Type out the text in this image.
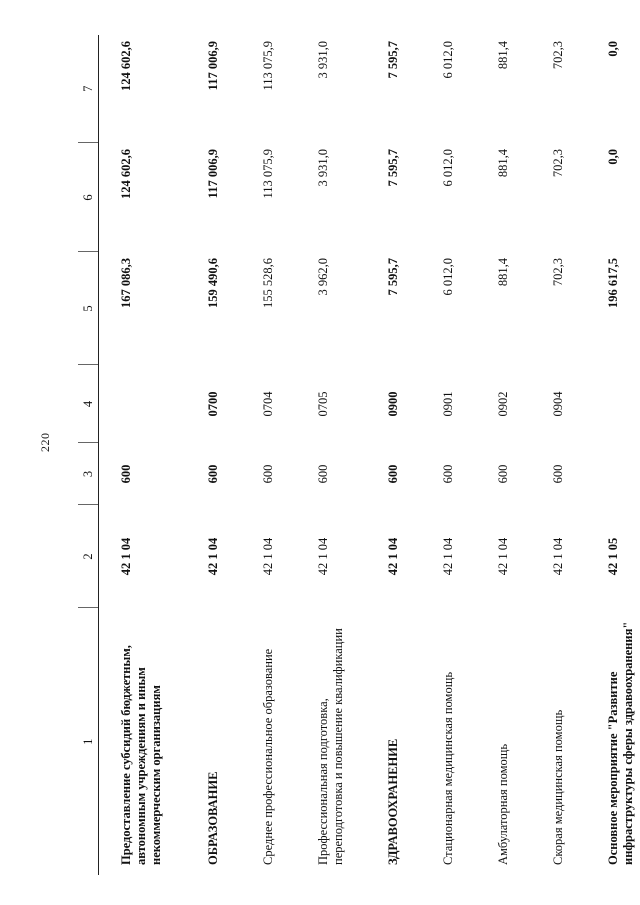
220
1	2	3	4	5	6	7
Предоставление субсидий бюджетным, автономным учреждениям и иным некоммерческим организациям	42 1 04	600		167 086,3	124 602,6	124 602,6
ОБРАЗОВАНИЕ	42 1 04	600	0700	159 490,6	117 006,9	117 006,9
Среднее профессиональное образование	42 1 04	600	0704	155 528,6	113 075,9	113 075,9
Профессиональная подготовка, переподготовка и повышение квалификации	42 1 04	600	0705	3 962,0	3 931,0	3 931,0
ЗДРАВООХРАНЕНИЕ	42 1 04	600	0900	7 595,7	7 595,7	7 595,7
Стационарная медицинская помощь	42 1 04	600	0901	6 012,0	6 012,0	6 012,0
Амбулаторная помощь	42 1 04	600	0902	881,4	881,4	881,4
Скорая медицинская помощь	42 1 04	600	0904	702,3	702,3	702,3
Основное мероприятие "Развитие инфраструктуры сферы здравоохранения"	42 1 05			196 617,5	0,0	0,0
